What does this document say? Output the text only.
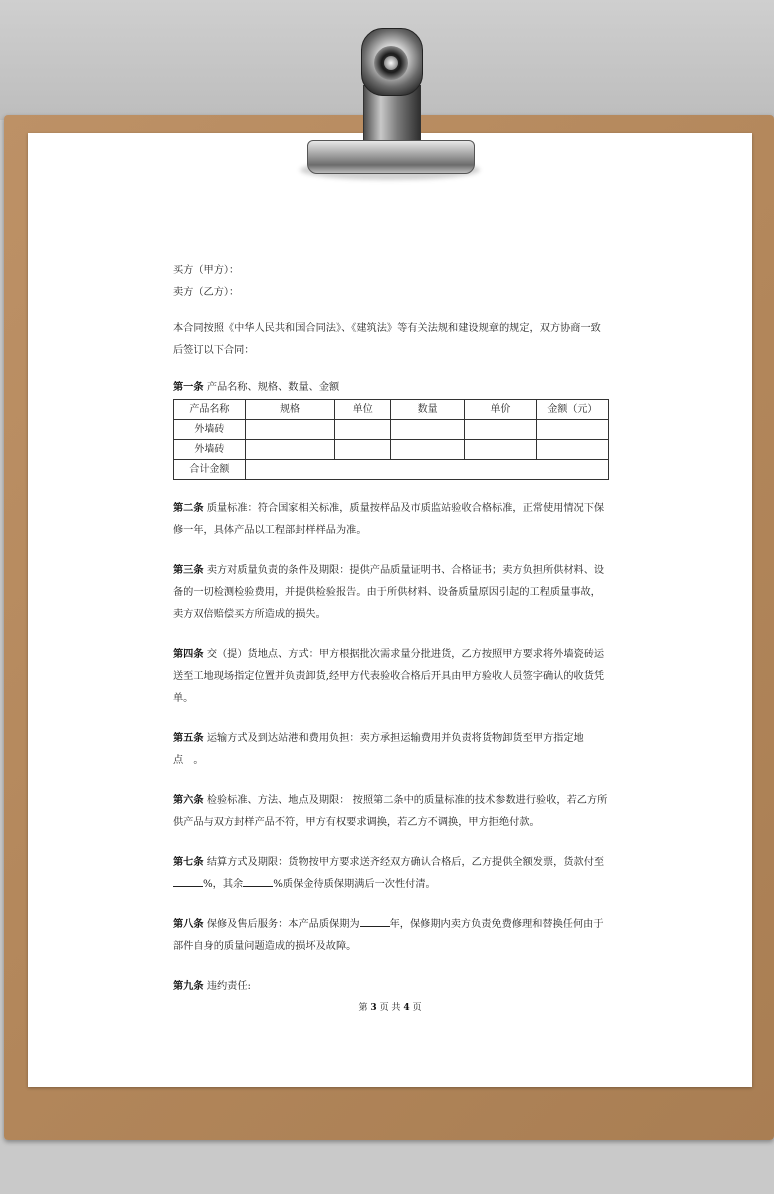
买方（甲方）：

卖方（乙方）：

本合同按照《中华人民共和国合同法》、《建筑法》等有关法规和建设规章的规定，双方协商一致后签订以下合同：

第一条 产品名称、规格、数量、金额

产品名称	规格	单位	数量	单价	金额（元）
外墙砖					
外墙砖					
合计金额					

第二条 质量标准：符合国家相关标准，质量按样品及市质监站验收合格标准，正常使用情况下保修一年，具体产品以工程部封样样品为准。

第三条 卖方对质量负责的条件及期限：提供产品质量证明书、合格证书；卖方负担所供材料、设备的一切检测检验费用，并提供检验报告。由于所供材料、设备质量原因引起的工程质量事故，卖方双倍赔偿买方所造成的损失。

第四条 交（提）货地点、方式：甲方根据批次需求量分批进货，乙方按照甲方要求将外墙瓷砖运送至工地现场指定位置并负责卸货,经甲方代表验收合格后开具由甲方验收人员签字确认的收货凭单。

第五条 运输方式及到达站港和费用负担：卖方承担运输费用并负责将货物卸货至甲方指定地点　。

第六条 检验标准、方法、地点及期限： 按照第二条中的质量标准的技术参数进行验收，若乙方所供产品与双方封样产品不符，甲方有权要求调换，若乙方不调换，甲方拒绝付款。

第七条 结算方式及期限：货物按甲方要求送齐经双方确认合格后，乙方提供全额发票，货款付至%，其余	%质保金待质保期满后一次性付清。

第八条 保修及售后服务：本产品质保期为	年，保修期内卖方负责免费修理和替换任何由于部件自身的质量问题造成的损坏及故障。

第九条 违约责任:

第 3 页 共 4 页
